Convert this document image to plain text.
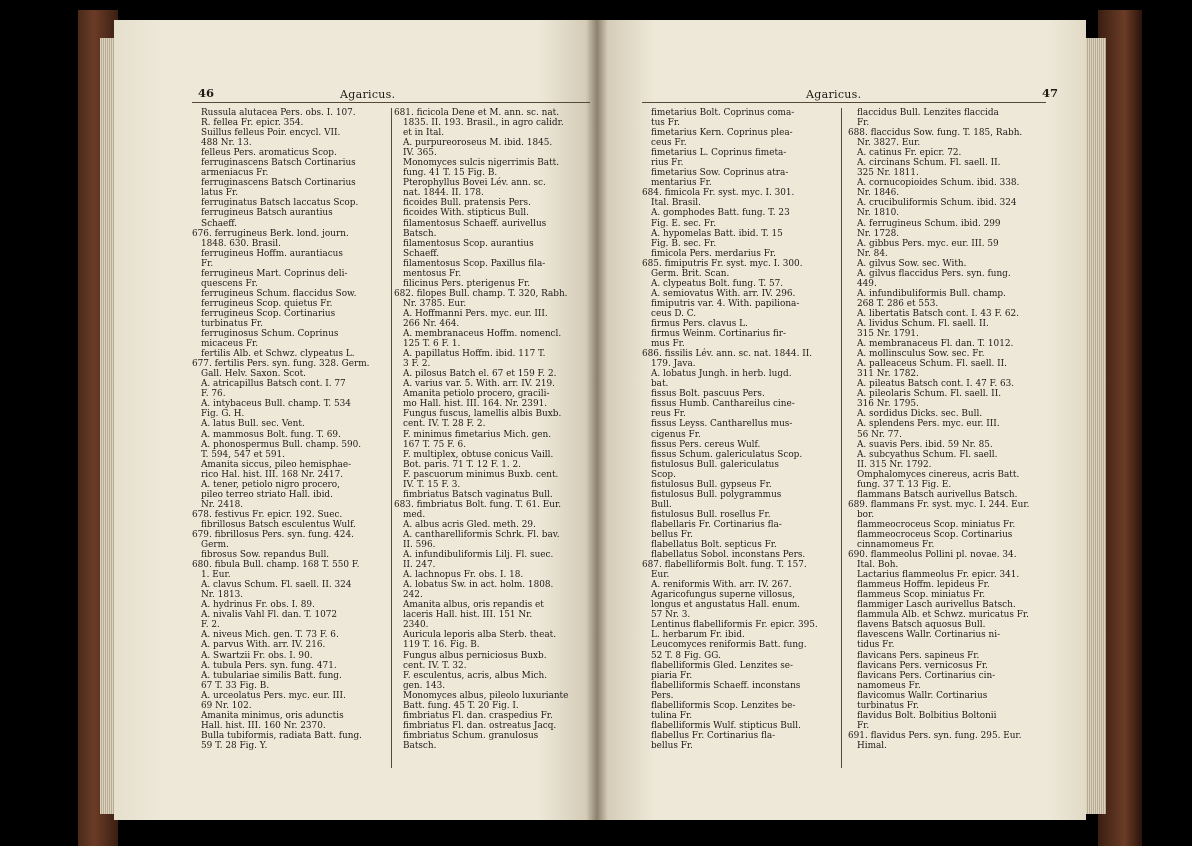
46	Agaricus.
Russula alutacea Pers. obs. I. 107.
R. fellea Fr. epicr. 354.
Suillus felleus Poir. encycl. VII.
488 Nr. 13.
felleus Pers. aromaticus Scop.
ferruginascens Batsch Cortinarius
armeniacus Fr.
ferruginascens Batsch Cortinarius
latus Fr.
ferruginatus Batsch laccatus Scop.
ferrugineus Batsch aurantius
Schaeff.
676. ferrugineus Berk. lond. journ.
1848. 630. Brasil.
ferrugineus Hoffm. aurantiacus
Fr.
ferrugineus Mart. Coprinus deli-
quescens Fr.
ferrugineus Schum. flaccidus Sow.
ferrugineus Scop. quietus Fr.
ferrugineus Scop. Cortinarius
turbinatus Fr.
ferruginosus Schum. Coprinus
micaceus Fr.
fertilis Alb. et Schwz. clypeatus L.
677. fertilis Pers. syn. fung. 328. Germ.
Gall. Helv. Saxon. Scot.
A. atricapillus Batsch cont. I. 77
F. 76.
A. intybaceus Bull. champ. T. 534
Fig. G. H.
A. latus Bull. sec. Vent.
A. mammosus Bolt. fung. T. 69.
A. phonospermus Bull. champ. 590.
T. 594, 547 et 591.
Amanita siccus, pileo hemisphae-
rico Hal. hist. III. 168 Nr. 2417.
A. tener, petiolo nigro procero,
pileo terreo striato Hall. ibid.
Nr. 2418.
678. festivus Fr. epicr. 192. Suec.
fibrillosus Batsch esculentus Wulf.
679. fibrillosus Pers. syn. fung. 424.
Germ.
fibrosus Sow. repandus Bull.
680. fibula Bull. champ. 168 T. 550 F.
1. Eur.
A. clavus Schum. Fl. saell. II. 324
Nr. 1813.
A. hydrinus Fr. obs. I. 89.
A. nivalis Vahl Fl. dan. T. 1072
F. 2.
A. niveus Mich. gen. T. 73 F. 6.
A. parvus With. arr. IV. 216.
A. Swartzii Fr. obs. I. 90.
A. tubula Pers. syn. fung. 471.
A. tubulariae similis Batt. fung.
67 T. 33 Fig. B.
A. urceolatus Pers. myc. eur. III.
69 Nr. 102.
Amanita minimus, oris adunctis
Hall. hist. III. 160 Nr. 2370.
Bulla tubiformis, radiata Batt. fung.
59 T. 28 Fig. Y.
681. ficicola Dene et M. ann. sc. nat.
1835. II. 193. Brasil., in agro calidr.
et in Ital.
A. purpureoroseus M. ibid. 1845.
IV. 365.
Monomyces sulcis nigerrimis Batt.
fung. 41 T. 15 Fig. B.
Pterophyllus Bovei Lév. ann. sc.
nat. 1844. II. 178.
ficoides Bull. pratensis Pers.
ficoides With. stipticus Bull.
filamentosus Schaeff. aurivellus
Batsch.
filamentosus Scop. aurantius
Schaeff.
filamentosus Scop. Paxillus fila-
mentosus Fr.
filicinus Pers. pterigenus Fr.
682. filopes Bull. champ. T. 320, Rabh.
Nr. 3785. Eur.
A. Hoffmanni Pers. myc. eur. III.
266 Nr. 464.
A. membranaceus Hoffm. nomencl.
125 T. 6 F. 1.
A. papillatus Hoffm. ibid. 117 T.
3 F. 2.
A. pilosus Batch el. 67 et 159 F. 2.
A. varius var. 5. With. arr. IV. 219.
Amanita petiolo procero, gracili-
mo Hall. hist. III. 164. Nr. 2391.
Fungus fuscus, lamellis albis Buxb.
cent. IV. T. 28 F. 2.
F. minimus fimetarius Mich. gen.
167 T. 75 F. 6.
F. multiplex, obtuse conicus Vaill.
Bot. paris. 71 T. 12 F. 1. 2.
F. pascuorum minimus Buxb. cent.
IV. T. 15 F. 3.
fimbriatus Batsch vaginatus Bull.
683. fimbriatus Bolt. fung. T. 61. Eur.
med.
A. albus acris Gled. meth. 29.
A. cantharelliformis Schrk. Fl. bav.
II. 596.
A. infundibuliformis Lilj. Fl. suec.
II. 247.
A. lachnopus Fr. obs. I. 18.
A. lobatus Sw. in act. holm. 1808.
242.
Amanita albus, oris repandis et
laceris Hall. hist. III. 151 Nr.
2340.
Auricula leporis alba Sterb. theat.
119 T. 16. Fig. B.
Fungus albus perniciosus Buxb.
cent. IV. T. 32.
F. esculentus, acris, albus Mich.
gen. 143.
Monomyces albus, pileolo luxuriante
Batt. fung. 45 T. 20 Fig. I.
fimbriatus Fl. dan. craspedius Fr.
fimbriatus Fl. dan. ostreatus Jacq.
fimbriatus Schum. granulosus
Batsch.
Agaricus.	47
fimetarius Bolt. Coprinus coma-
tus Fr.
fimetarius Kern. Coprinus plea-
ceus Fr.
fimetarius L. Coprinus fimeta-
rius Fr.
fimetarius Sow. Coprinus atra-
mentarius Fr.
684. fimicola Fr. syst. myc. I. 301.
Ital. Brasil.
A. gomphodes Batt. fung. T. 23
Fig. E. sec. Fr.
A. hypomelas Batt. ibid. T. 15
Fig. B. sec. Fr.
fimicola Pers. merdarius Fr.
685. fimiputris Fr. syst. myc. I. 300.
Germ. Brit. Scan.
A. clypeatus Bolt. fung. T. 57.
A. semiovatus With. arr. IV. 296.
fimiputris var. 4. With. papiliona-
ceus D. C.
firmus Pers. clavus L.
firmus Weinm. Cortinarius fir-
mus Fr.
686. fissilis Lév. ann. sc. nat. 1844. II.
179. Java.
A. lobatus Jungh. in herb. lugd.
bat.
fissus Bolt. pascuus Pers.
fissus Humb. Canthareilus cine-
reus Fr.
fissus Leyss. Cantharellus mus-
cigenus Fr.
fissus Pers. cereus Wulf.
fissus Schum. galericulatus Scop.
fistulosus Bull. galericulatus
Scop.
fistulosus Bull. gypseus Fr.
fistulosus Bull. polygrammus
Bull.
fistulosus Bull. rosellus Fr.
flabellaris Fr. Cortinarius fla-
bellus Fr.
flabellatus Bolt. septicus Fr.
flabellatus Sobol. inconstans Pers.
687. flabelliformis Bolt. fung. T. 157.
Eur.
A. reniformis With. arr. IV. 267.
Agaricofungus superne villosus,
longus et angustatus Hall. enum.
57 Nr. 3.
Lentinus flabelliformis Fr. epicr. 395.
L. herbarum Fr. ibid.
Leucomyces reniformis Batt. fung.
52 T. 8 Fig. GG.
flabelliformis Gled. Lenzites se-
piaria Fr.
flabelliformis Schaeff. inconstans
Pers.
flabelliformis Scop. Lenzites be-
tulina Fr.
flabelliformis Wulf. stipticus Bull.
flabellus Fr. Cortinarius fla-
bellus Fr.
flaccidus Bull. Lenzites flaccida
Fr.
688. flaccidus Sow. fung. T. 185, Rabh.
Nr. 3827. Eur.
A. catinus Fr. epicr. 72.
A. circinans Schum. Fl. saell. II.
325 Nr. 1811.
A. cornucopioides Schum. ibid. 338.
Nr. 1846.
A. crucibuliformis Schum. ibid. 324
Nr. 1810.
A. ferrugineus Schum. ibid. 299
Nr. 1728.
A. gibbus Pers. myc. eur. III. 59
Nr. 84.
A. gilvus Sow. sec. With.
A. gilvus flaccidus Pers. syn. fung.
449.
A. infundibuliformis Bull. champ.
268 T. 286 et 553.
A. libertatis Batsch cont. I. 43 F. 62.
A. lividus Schum. Fl. saell. II.
315 Nr. 1791.
A. membranaceus Fl. dan. T. 1012.
A. mollinsculus Sow. sec. Fr.
A. palleaceus Schum. Fl. saell. II.
311 Nr. 1782.
A. pileatus Batsch cont. I. 47 F. 63.
A. pileolaris Schum. Fl. saell. II.
316 Nr. 1795.
A. sordidus Dicks. sec. Bull.
A. splendens Pers. myc. eur. III.
56 Nr. 77.
A. suavis Pers. ibid. 59 Nr. 85.
A. subcyathus Schum. Fl. saell.
II. 315 Nr. 1792.
Omphalomyces cinereus, acris Batt.
fung. 37 T. 13 Fig. E.
flammans Batsch aurivellus Batsch.
689. flammans Fr. syst. myc. I. 244. Eur.
bor.
flammeocroceus Scop. miniatus Fr.
flammeocroceus Scop. Cortinarius
cinnamomeus Fr.
690. flammeolus Pollini pl. novae. 34.
Ital. Boh.
Lactarius flammeolus Fr. epicr. 341.
flammeus Hoffm. lepideus Fr.
flammeus Scop. miniatus Fr.
flammiger Lasch aurivellus Batsch.
flammula Alb. et Schwz. muricatus Fr.
flavens Batsch aquosus Bull.
flavescens Wallr. Cortinarius ni-
tidus Fr.
flavicans Pers. sapineus Fr.
flavicans Pers. vernicosus Fr.
flavicans Pers. Cortinarius cin-
namomeus Fr.
flavicomus Wallr. Cortinarius
turbinatus Fr.
flavidus Bolt. Bolbitius Boltonii
Fr.
691. flavidus Pers. syn. fung. 295. Eur.
Himal.
